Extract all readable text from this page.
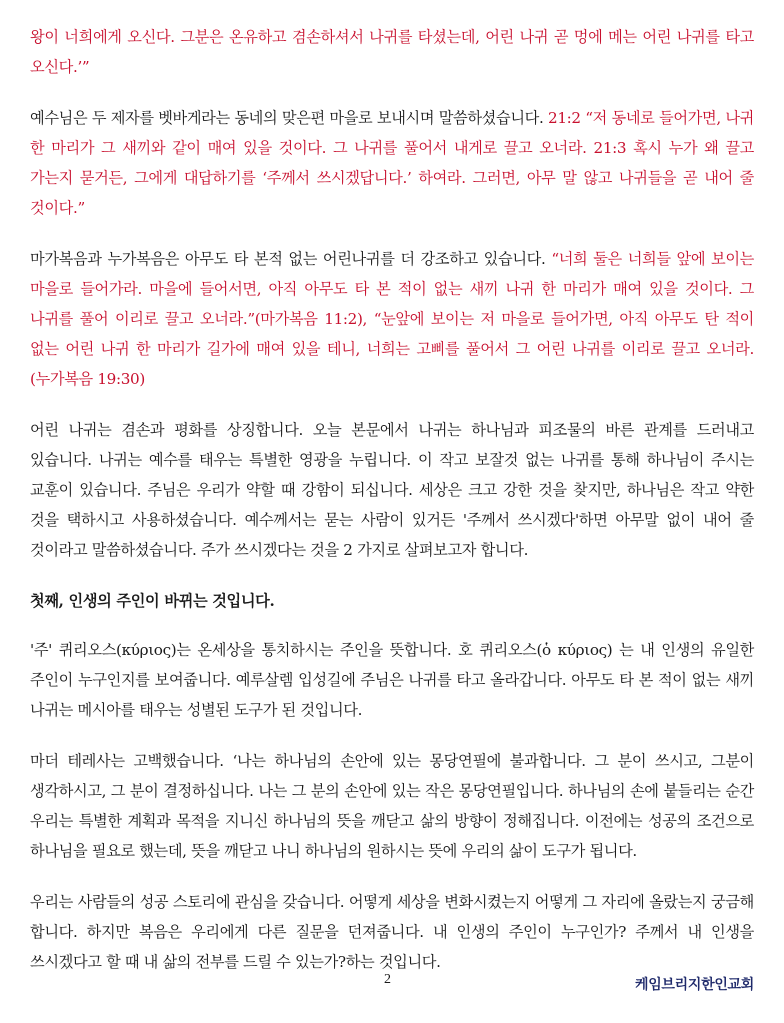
왕이 너희에게 오신다. 그분은 온유하고 겸손하셔서 나귀를 타셨는데, 어린 나귀 곧 멍에 메는 어린 나귀를 타고 오신다.’”

예수님은 두 제자를 벳바게라는 동네의 맞은편 마을로 보내시며 말씀하셨습니다. 21:2 “저 동네로 들어가면, 나귀 한 마리가 그 새끼와 같이 매여 있을 것이다. 그 나귀를 풀어서 내게로 끌고 오너라. 21:3 혹시 누가 왜 끌고 가는지 묻거든, 그에게 대답하기를 ‘주께서 쓰시겠답니다.’ 하여라. 그러면, 아무 말 않고 나귀들을 곧 내어 줄 것이다.”

마가복음과 누가복음은 아무도 타 본적 없는 어린나귀를 더 강조하고 있습니다. “너희 둘은 너희들 앞에 보이는 마을로 들어가라. 마을에 들어서면, 아직 아무도 타 본 적이 없는 새끼 나귀 한 마리가 매여 있을 것이다. 그 나귀를 풀어 이리로 끌고 오너라.”(마가복음 11:2), “눈앞에 보이는 저 마을로 들어가면, 아직 아무도 탄 적이 없는 어린 나귀 한 마리가 길가에 매여 있을 테니, 너희는 고삐를 풀어서 그 어린 나귀를 이리로 끌고 오너라.(누가복음 19:30)

어린 나귀는 겸손과 평화를 상징합니다. 오늘 본문에서 나귀는 하나님과 피조물의 바른 관계를 드러내고 있습니다. 나귀는 예수를 태우는 특별한 영광을 누립니다. 이 작고 보잘것 없는 나귀를 통해 하나님이 주시는 교훈이 있습니다. 주님은 우리가 약할 때 강함이 되십니다. 세상은 크고 강한 것을 찾지만, 하나님은 작고 약한 것을 택하시고 사용하셨습니다. 예수께서는 묻는 사람이 있거든 '주께서 쓰시겠다'하면 아무말 없이 내어 줄 것이라고 말씀하셨습니다. 주가 쓰시겠다는 것을 2 가지로 살펴보고자 합니다.

첫째, 인생의 주인이 바뀌는 것입니다.

'주' 퀴리오스(κύριος)는 온세상을 통치하시는 주인을 뜻합니다. 호 퀴리오스(ὁ κύριος) 는 내 인생의 유일한 주인이 누구인지를 보여줍니다. 예루살렘 입성길에 주님은 나귀를 타고 올라갑니다. 아무도 타 본 적이 없는 새끼 나귀는 메시아를 태우는 성별된 도구가 된 것입니다.

마더 테레사는 고백했습니다. ‘나는 하나님의 손안에 있는 몽당연필에 불과합니다. 그 분이 쓰시고, 그분이 생각하시고, 그 분이 결정하십니다. 나는 그 분의 손안에 있는 작은 몽당연필입니다. 하나님의 손에 붙들리는 순간 우리는 특별한 계획과 목적을 지니신 하나님의 뜻을 깨닫고 삶의 방향이 정해집니다. 이전에는 성공의 조건으로 하나님을 필요로 했는데, 뜻을 깨닫고 나니 하나님의 원하시는 뜻에 우리의 삶이 도구가 됩니다.

우리는 사람들의 성공 스토리에 관심을 갖습니다. 어떻게 세상을 변화시켰는지 어떻게 그 자리에 올랐는지 궁금해 합니다. 하지만 복음은 우리에게 다른 질문을 던져줍니다. 내 인생의 주인이 누구인가? 주께서 내 인생을 쓰시겠다고 할 때 내 삶의 전부를 드릴 수 있는가?하는 것입니다.

2	케임브리지한인교회
